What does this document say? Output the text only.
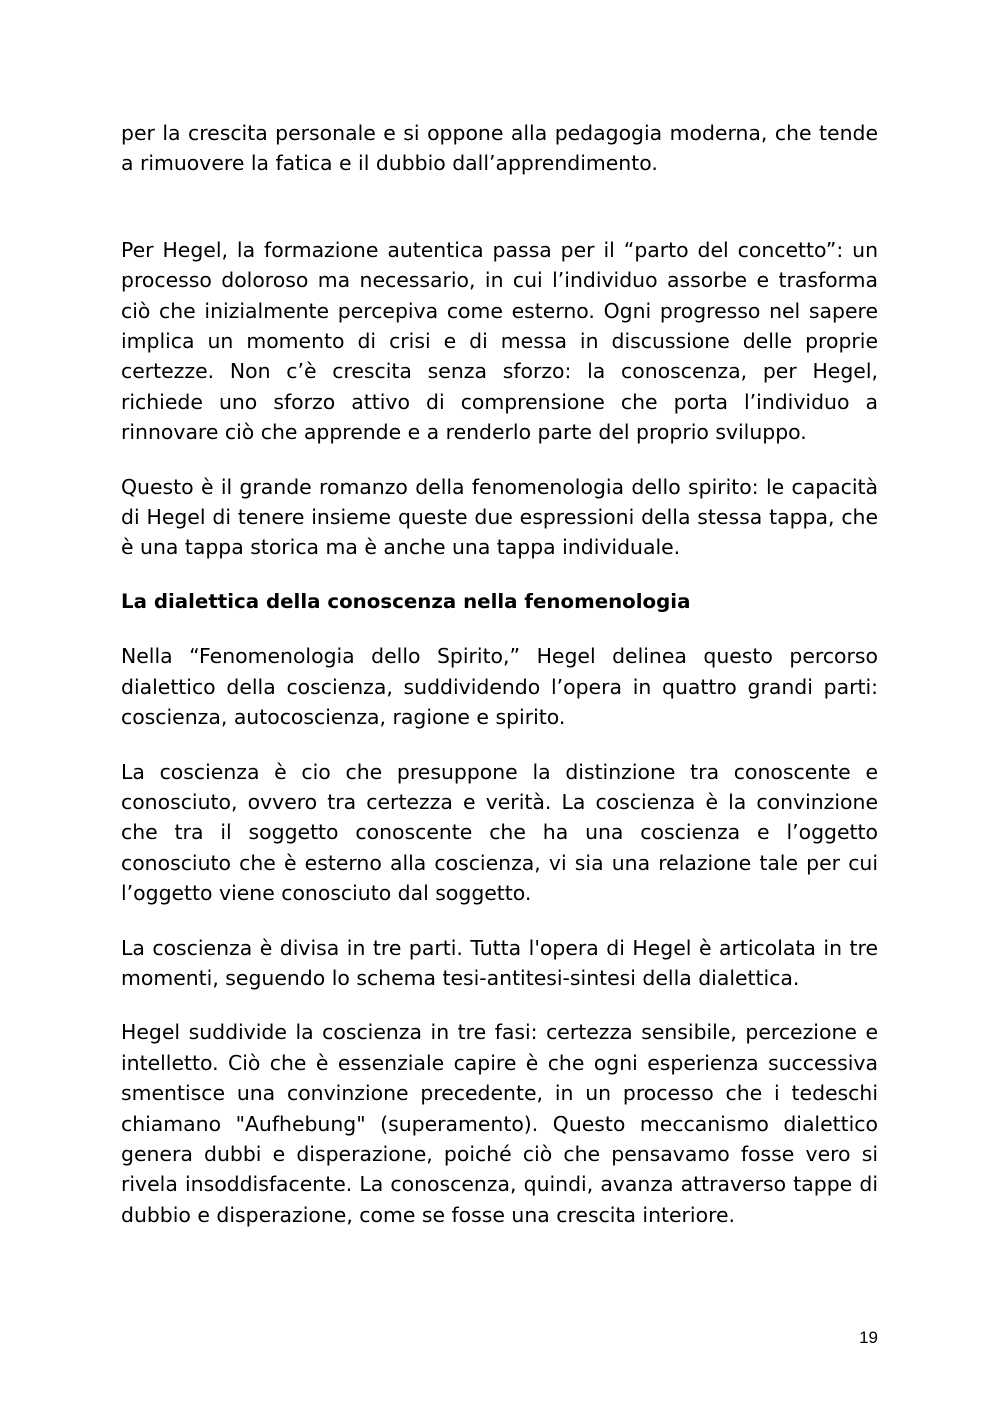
per la crescita personale e si oppone alla pedagogia moderna, che tende a rimuovere la fatica e il dubbio dall’apprendimento.

Per Hegel, la formazione autentica passa per il “parto del concetto”: un processo doloroso ma necessario, in cui l’individuo assorbe e trasforma ciò che inizialmente percepiva come esterno. Ogni progresso nel sapere implica un momento di crisi e di messa in discussione delle proprie certezze. Non c’è crescita senza sforzo: la conoscenza, per Hegel, richiede uno sforzo attivo di comprensione che porta l’individuo a rinnovare ciò che apprende e a renderlo parte del proprio sviluppo.

Questo è il grande romanzo della fenomenologia dello spirito: le capacità di Hegel di tenere insieme queste due espressioni della stessa tappa, che è una tappa storica ma è anche una tappa individuale.

La dialettica della conoscenza nella fenomenologia

Nella “Fenomenologia dello Spirito,” Hegel delinea questo percorso dialettico della coscienza, suddividendo l’opera in quattro grandi parti: coscienza, autocoscienza, ragione e spirito.

La coscienza è cio che presuppone la distinzione tra conoscente e conosciuto, ovvero tra certezza e verità. La coscienza è la convinzione che tra il soggetto conoscente che ha una coscienza e l’oggetto conosciuto che è esterno alla coscienza, vi sia una relazione tale per cui l’oggetto viene conosciuto dal soggetto.

La coscienza è divisa in tre parti. Tutta l'opera di Hegel è articolata in tre momenti, seguendo lo schema tesi-antitesi-sintesi della dialettica.

Hegel suddivide la coscienza in tre fasi: certezza sensibile, percezione e intelletto. Ciò che è essenziale capire è che ogni esperienza successiva smentisce una convinzione precedente, in un processo che i tedeschi chiamano "Aufhebung" (superamento). Questo meccanismo dialettico genera dubbi e disperazione, poiché ciò che pensavamo fosse vero si rivela insoddisfacente. La conoscenza, quindi, avanza attraverso tappe di dubbio e disperazione, come se fosse una crescita interiore.

19
